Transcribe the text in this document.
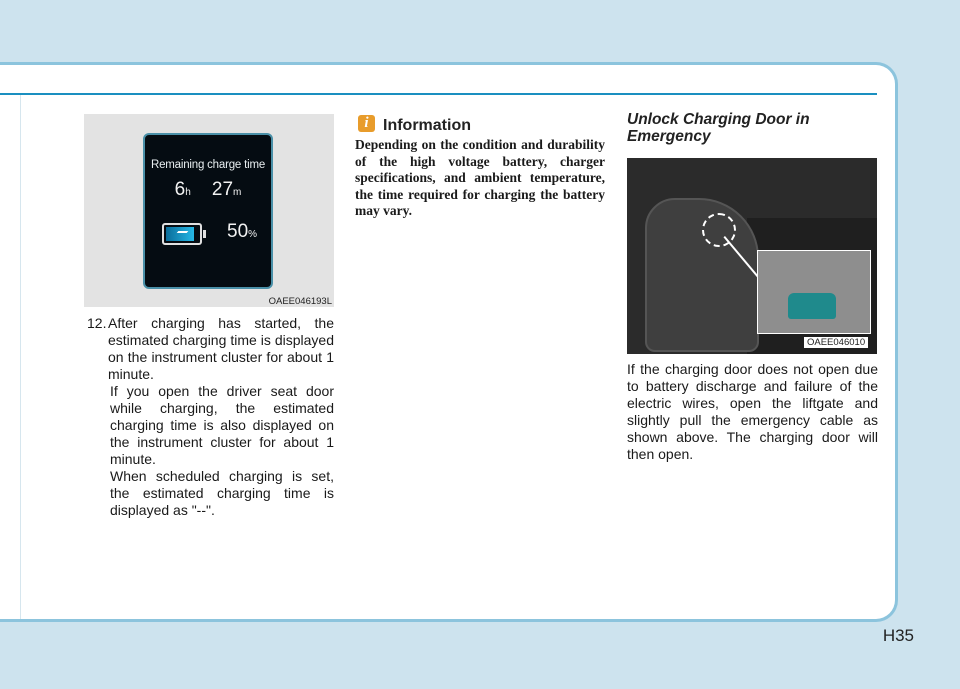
Remaining charge time
6h 27m
50%
OAEE046193L
12. After charging has started, the estimated charging time is displayed on the instrument cluster for about 1 minute.
If you open the driver seat door while charging, the estimated charging time is also displayed on the instrument cluster for about 1 minute.
When scheduled charging is set, the estimated charging time is displayed as "--".
i Information
Depending on the condition and durability of the high voltage battery, charger specifications, and ambient temperature, the time required for charging the battery may vary.
Unlock Charging Door in Emergency
OAEE046010
If the charging door does not open due to battery discharge and failure of the electric wires, open the liftgate and slightly pull the emergency cable as shown above. The charging door will then open.
H35
